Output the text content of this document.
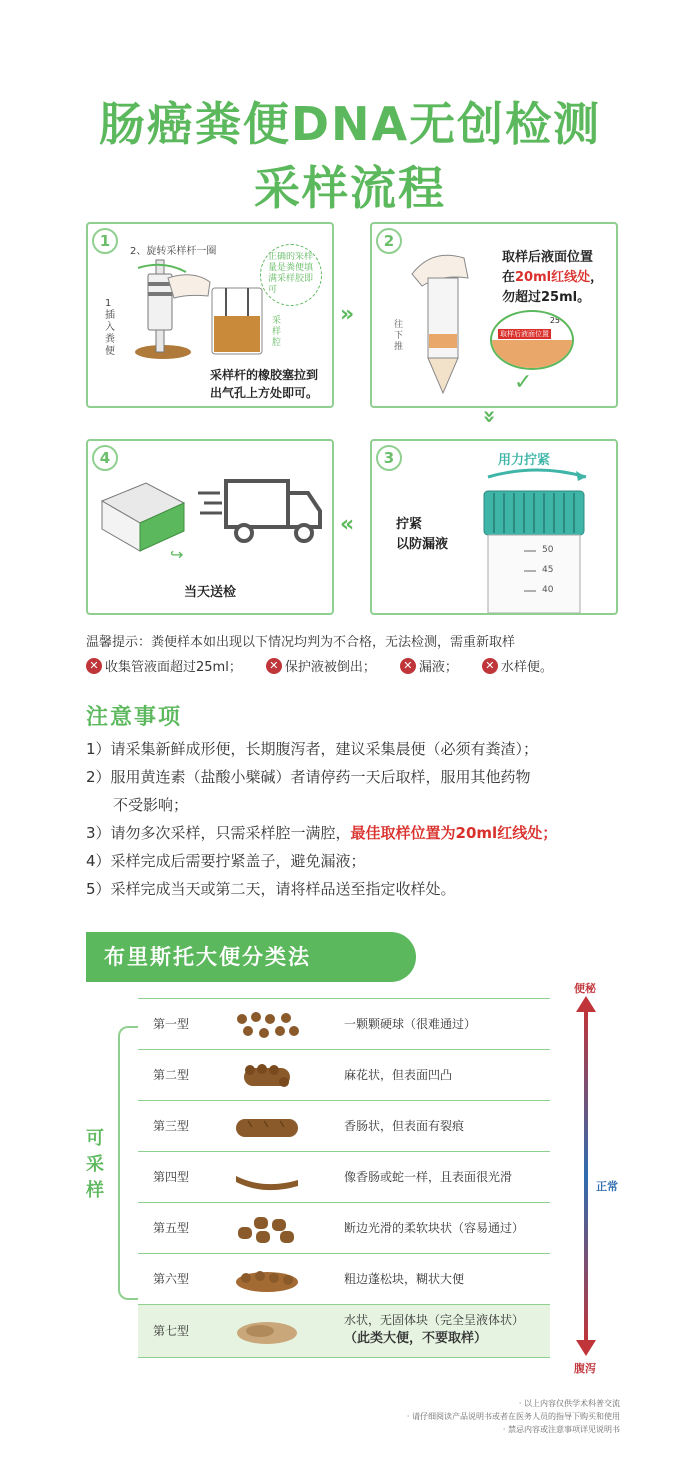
肠癌粪便DNA无创检测
采样流程
1
2、旋转采样杆一圈
1 插入粪便
正确的采样量是粪便填满采样胶即可
采样腔
采样杆的橡胶塞拉到
出气孔上方处即可。
»
2
往下推
取样后液面位置
在20ml红线处，
勿超过25ml。
25
取样后液面位置
✓
»
4
↪
当天送检
«
3	用力拧紧
50
45
40
拧紧
以防漏液
温馨提示：粪便样本如出现以下情况均判为不合格，无法检测，需重新取样
✕ 收集管液面超过25ml；	✕ 保护液被倒出；	✕ 漏液；	✕ 水样便。
注意事项
1）请采集新鲜成形便，长期腹泻者，建议采集晨便（必须有粪渣）；
2）服用黄连素（盐酸小檗碱）者请停药一天后取样，服用其他药物
不受影响；
3）请勿多次采样，只需采样腔一满腔，最佳取样位置为20ml红线处；
4）采样完成后需要拧紧盖子，避免漏液；
5）采样完成当天或第二天，请将样品送至指定收样处。
布里斯托大便分类法
可采样
第一型	一颗颗硬球（很难通过）
第二型	麻花状，但表面凹凸
第三型	香肠状，但表面有裂痕
第四型	像香肠或蛇一样，且表面很光滑
第五型	断边光滑的柔软块状（容易通过）
第六型	粗边蓬松块，糊状大便
第七型
水状，无固体块（完全呈液体状）
（此类大便，不要取样）
便秘
正常
腹泻
· 以上内容仅供学术科普交流
· 请仔细阅读产品说明书或者在医务人员的指导下购买和使用
· 禁忌内容或注意事项详见说明书
